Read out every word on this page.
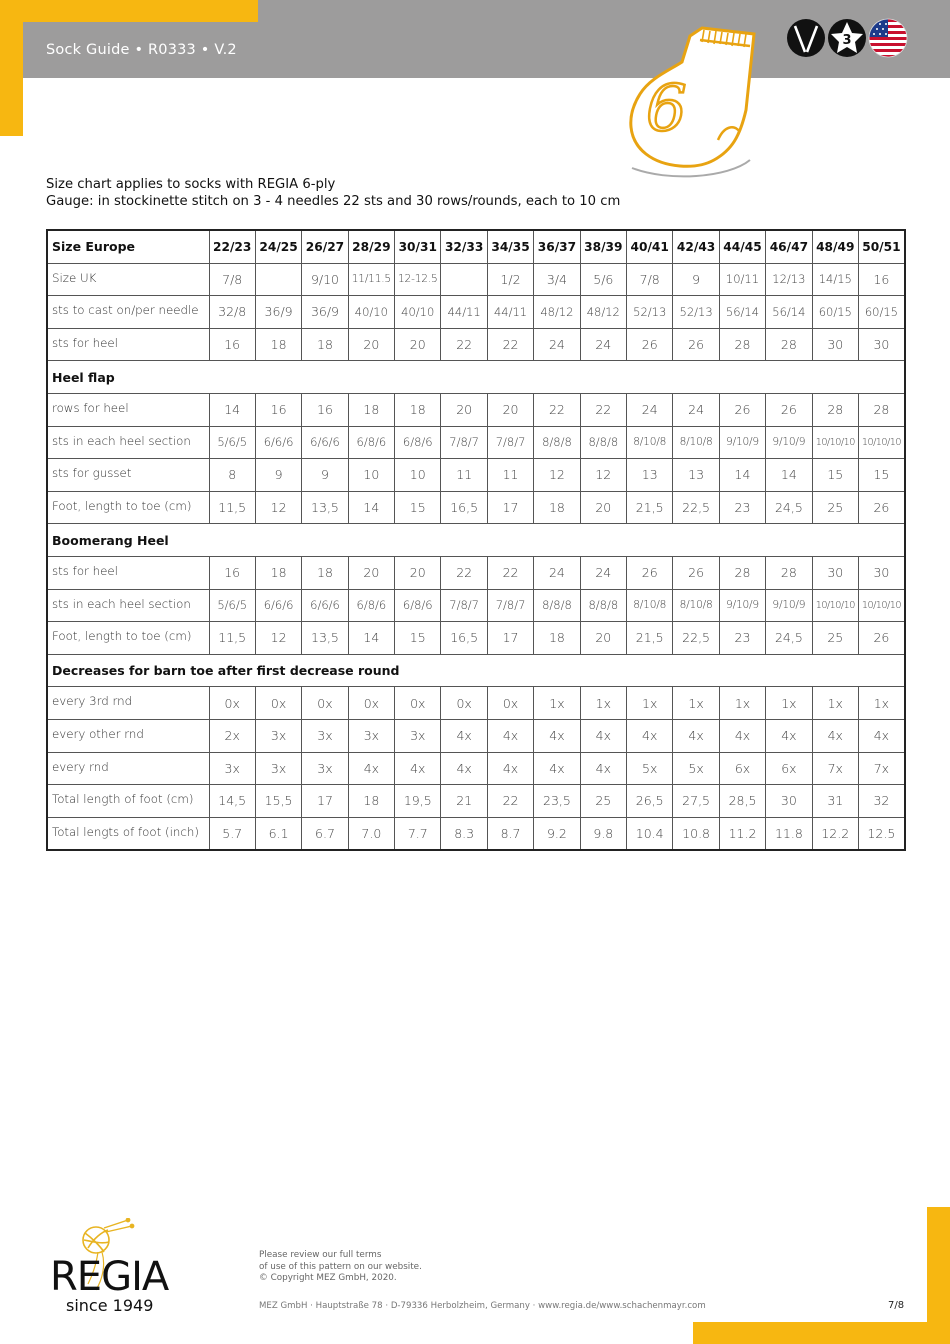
Sock Guide • R0333 • V.2
6
3
Size chart applies to socks with REGIA 6-ply
Gauge: in stockinette stitch on 3 - 4 needles 22 sts and 30 rows/rounds, each to 10 cm
Size Europe	22/23	24/25	26/27	28/29	30/31	32/33	34/35	36/37	38/39	40/41	42/43	44/45	46/47	48/49	50/51
Size UK	7/8		9/10	11/11.5	12-12.5		1/2	3/4	5/6	7/8	9	10/11	12/13	14/15	16
sts to cast on/per needle	32/8	36/9	36/9	40/10	40/10	44/11	44/11	48/12	48/12	52/13	52/13	56/14	56/14	60/15	60/15
sts for heel	16	18	18	20	20	22	22	24	24	26	26	28	28	30	30
Heel flap															
rows for heel	14	16	16	18	18	20	20	22	22	24	24	26	26	28	28
sts in each heel section	5/6/5	6/6/6	6/6/6	6/8/6	6/8/6	7/8/7	7/8/7	8/8/8	8/8/8	8/10/8	8/10/8	9/10/9	9/10/9	10/10/10	10/10/10
sts for gusset	8	9	9	10	10	11	11	12	12	13	13	14	14	15	15
Foot, length to toe (cm)	11,5	12	13,5	14	15	16,5	17	18	20	21,5	22,5	23	24,5	25	26
Boomerang Heel															
sts for heel	16	18	18	20	20	22	22	24	24	26	26	28	28	30	30
sts in each heel section	5/6/5	6/6/6	6/6/6	6/8/6	6/8/6	7/8/7	7/8/7	8/8/8	8/8/8	8/10/8	8/10/8	9/10/9	9/10/9	10/10/10	10/10/10
Foot, length to toe (cm)	11,5	12	13,5	14	15	16,5	17	18	20	21,5	22,5	23	24,5	25	26
Decreases for barn toe after first decrease round															
every 3rd rnd	0x	0x	0x	0x	0x	0x	0x	1x	1x	1x	1x	1x	1x	1x	1x
every other rnd	2x	3x	3x	3x	3x	4x	4x	4x	4x	4x	4x	4x	4x	4x	4x
every rnd	3x	3x	3x	4x	4x	4x	4x	4x	4x	5x	5x	6x	6x	7x	7x
Total length of foot (cm)	14,5	15,5	17	18	19,5	21	22	23,5	25	26,5	27,5	28,5	30	31	32
Total lengts of foot (inch)	5.7	6.1	6.7	7.0	7.7	8.3	8.7	9.2	9.8	10.4	10.8	11.2	11.8	12.2	12.5
REGIA
since 1949
Please review our full terms
of use of this pattern on our website.
© Copyright MEZ GmbH, 2020.
MEZ GmbH · Hauptstraße 78 · D-79336 Herbolzheim, Germany · www.regia.de/www.schachenmayr.com	7/8
